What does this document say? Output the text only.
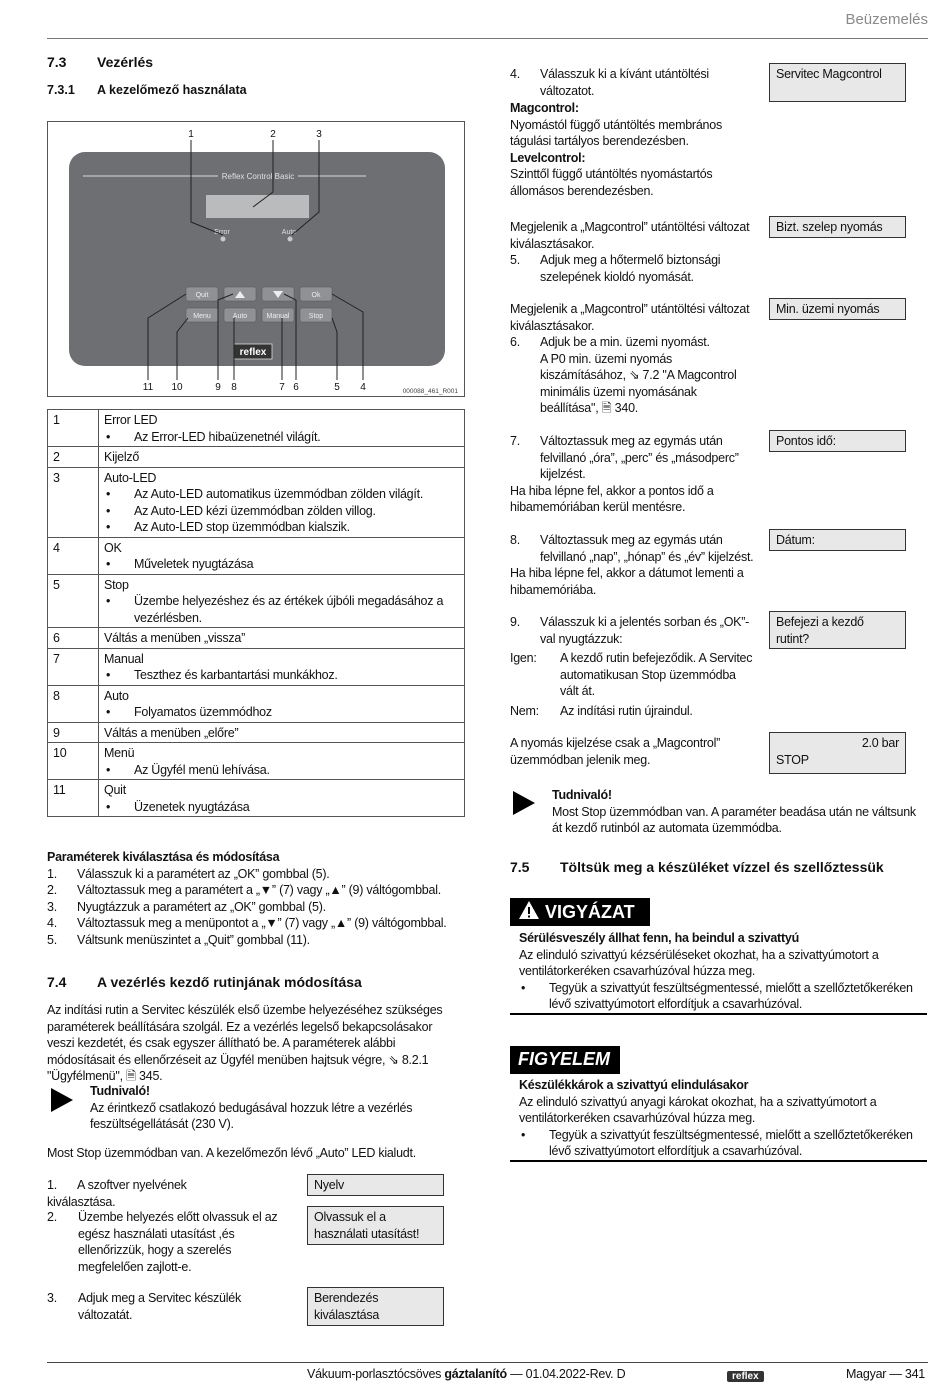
Beüzemelés
7.3 Vezérlés
7.3.1 A kezelőmező használata
Reflex Control Basic
Error	Auto
Quit	Ok
Menu	Auto	Manual	Stop
reflex
1	2	3
11 10	9 8	7 6	5 4	000088_461_R001
1	Error LED
• Az Error-LED hibaüzenetnél világít.

2	Kijelző

3	Auto-LED
• Az Auto-LED automatikus üzemmódban zölden világít.
• Az Auto-LED kézi üzemmódban zölden villog.
• Az Auto-LED stop üzemmódban kialszik.

4	OK
• Műveletek nyugtázása

5	Stop
• Üzembe helyezéshez és az értékek újbóli megadásához a vezérlésben.

6	Váltás a menüben „vissza”

7	Manual
• Teszthez és karbantartási munkákhoz.

8	Auto
• Folyamatos üzemmódhoz

9	Váltás a menüben „előre”

10	Menü
• Az Ügyfél menü lehívása.

11	Quit
• Üzenetek nyugtázása
Paraméterek kiválasztása és módosítása
1. Válasszuk ki a paramétert az „OK” gombbal (5).
2. Változtassuk meg a paramétert a „▼” (7) vagy „▲” (9) váltógombbal.
3. Nyugtázzuk a paramétert az „OK” gombbal (5).
4. Változtassuk meg a menüpontot a „▼” (7) vagy „▲” (9) váltógombbal.
5. Váltsunk menüszintet a „Quit” gombbal (11).
7.4 A vezérlés kezdő rutinjának módosítása
Az indítási rutin a Servitec készülék első üzembe helyezéséhez szükséges paraméterek beállítására szolgál. Ez a vezérlés legelső bekapcsolásakor veszi kezdetét, és csak egyszer állítható be. A paraméterek alábbi módosításait és ellenőrzéseit az Ügyfél menüben hajtsuk végre, ⇘ 8.2.1 "Ügyfélmenü", 🗎 345.
Tudnivaló!
Az érintkező csatlakozó bedugásával hozzuk létre a vezérlés feszültségellátását (230 V).
Most Stop üzemmódban van. A kezelőmezőn lévő „Auto” LED kialudt.
1. A szoftver nyelvének kiválasztása.
Nyelv
2. Üzembe helyezés előtt olvassuk el az egész használati utasítást ,és ellenőrizzük, hogy a szerelés megfelelően zajlott-e.
Olvassuk el a használati utasítást!
3. Adjuk meg a Servitec készülék változatát.
Berendezés kiválasztása
4. Válasszuk ki a kívánt utántöltési változatot.
Servitec Magcontrol
Magcontrol:
Nyomástól függő utántöltés membrános tágulási tartályos berendezésben.
Levelcontrol:
Szinttől függő utántöltés nyomástartós állomásos berendezésben.
Megjelenik a „Magcontrol” utántöltési változat kiválasztásakor.
5. Adjuk meg a hőtermelő biztonsági szelepének kioldó nyomását.
Bizt. szelep nyomás
Megjelenik a „Magcontrol” utántöltési változat kiválasztásakor.
6. Adjuk be a min. üzemi nyomást.
A P0 min. üzemi nyomás kiszámításához, ⇘ 7.2 "A Magcontrol minimális üzemi nyomásának beállítása", 🗎 340.
Min. üzemi nyomás
7. Változtassuk meg az egymás után felvillanó „óra”, „perc” és „másodperc” kijelzést.
Ha hiba lépne fel, akkor a pontos idő a hibamemóriában kerül mentésre.
Pontos idő:
8. Változtassuk meg az egymás után felvillanó „nap”, „hónap” és „év” kijelzést.
Ha hiba lépne fel, akkor a dátumot lementi a hibamemóriába.
Dátum:
9. Válasszuk ki a jelentés sorban és „OK”-val nyugtázzuk:
Igen: A kezdő rutin befejeződik. A Servitec automatikusan Stop üzemmódba vált át.
Nem: Az indítási rutin újraindul.
Befejezi a kezdő rutint?
A nyomás kijelzése csak a „Magcontrol” üzemmódban jelenik meg.
2.0 bar
STOP
Tudnivaló!
Most Stop üzemmódban van. A paraméter beadása után ne váltsunk át kezdő rutinból az automata üzemmódba.
7.5 Töltsük meg a készüléket vízzel és szellőztessük
VIGYÁZAT
Sérülésveszély állhat fenn, ha beindul a szivattyú
Az elinduló szivattyú kézsérüléseket okozhat, ha a szivattyúmotort a ventilátorkeréken csavarhúzóval húzza meg.
• Tegyük a szivattyút feszültségmentessé, mielőtt a szellőztetőkeréken lévő szivattyúmotort elfordítjuk a csavarhúzóval.
FIGYELEM
Készülékkárok a szivattyú elindulásakor
Az elinduló szivattyú anyagi károkat okozhat, ha a szivattyúmotort a ventilátorkeréken csavarhúzóval húzza meg.
• Tegyük a szivattyút feszültségmentessé, mielőtt a szellőztetőkeréken lévő szivattyúmotort elfordítjuk a csavarhúzóval.
Vákuum-porlasztócsöves gáztalanító — 01.04.2022-Rev. D	reflex	Magyar — 341
